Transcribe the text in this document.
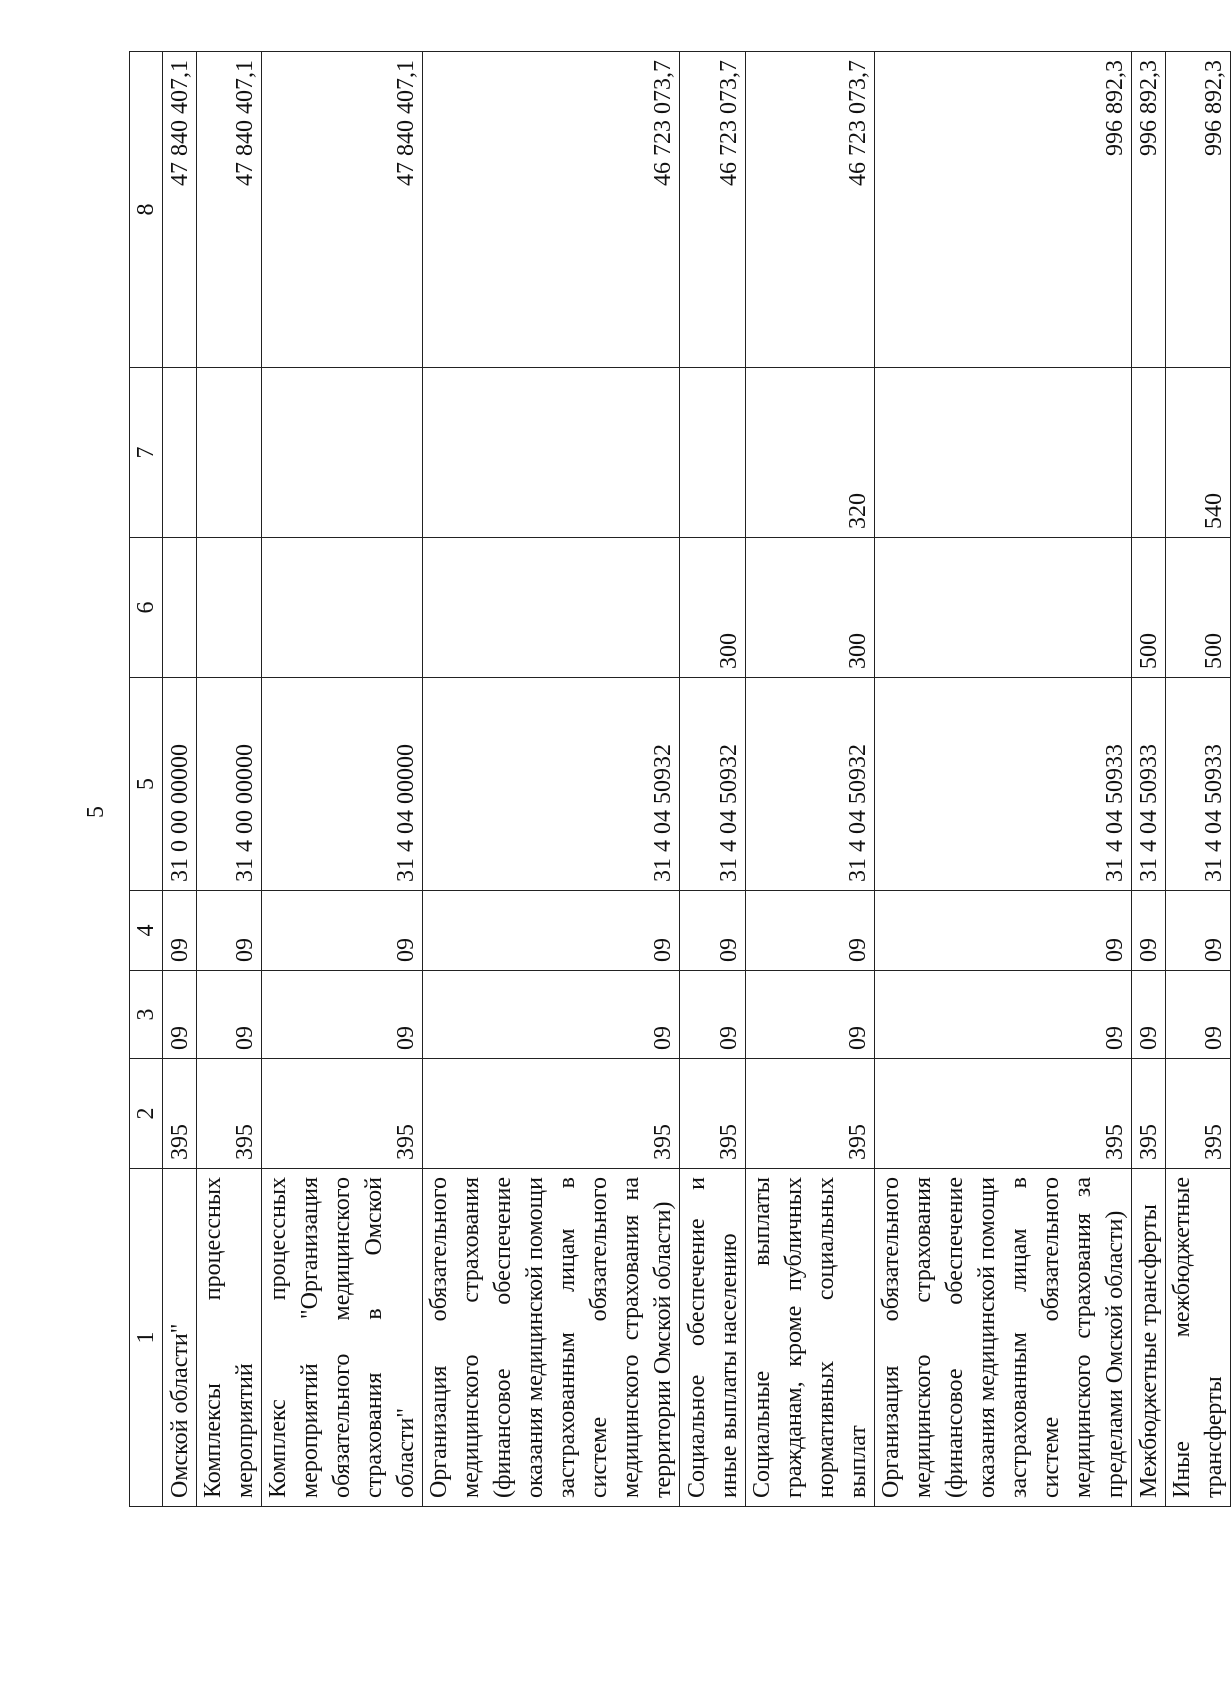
5
1	2	3	4	5	6	7	8
Омской области"	395	09	09	31 0 00 00000			47 840 407,1
Комплексы процессных мероприятий	395	09	09	31 4 00 00000			47 840 407,1
Комплекс процессных мероприятий "Организация обязательного медицинского страхования в Омской области"	395	09	09	31 4 04 00000			47 840 407,1
Организация обязательного медицинского страхования (финансовое обеспечение оказания медицинской помощи застрахованным лицам в системе обязательного медицинского страхования на территории Омской области)	395	09	09	31 4 04 50932			46 723 073,7
Социальное обеспечение и иные выплаты населению	395	09	09	31 4 04 50932	300		46 723 073,7
Социальные выплаты гражданам, кроме публичных нормативных социальных выплат	395	09	09	31 4 04 50932	300	320	46 723 073,7
Организация обязательного медицинского страхования (финансовое обеспечение оказания медицинской помощи застрахованным лицам в системе обязательного медицинского страхования за пределами Омской области)	395	09	09	31 4 04 50933			996 892,3
Межбюджетные трансферты	395	09	09	31 4 04 50933	500		996 892,3
Иные межбюджетные трансферты	395	09	09	31 4 04 50933	500	540	996 892,3
